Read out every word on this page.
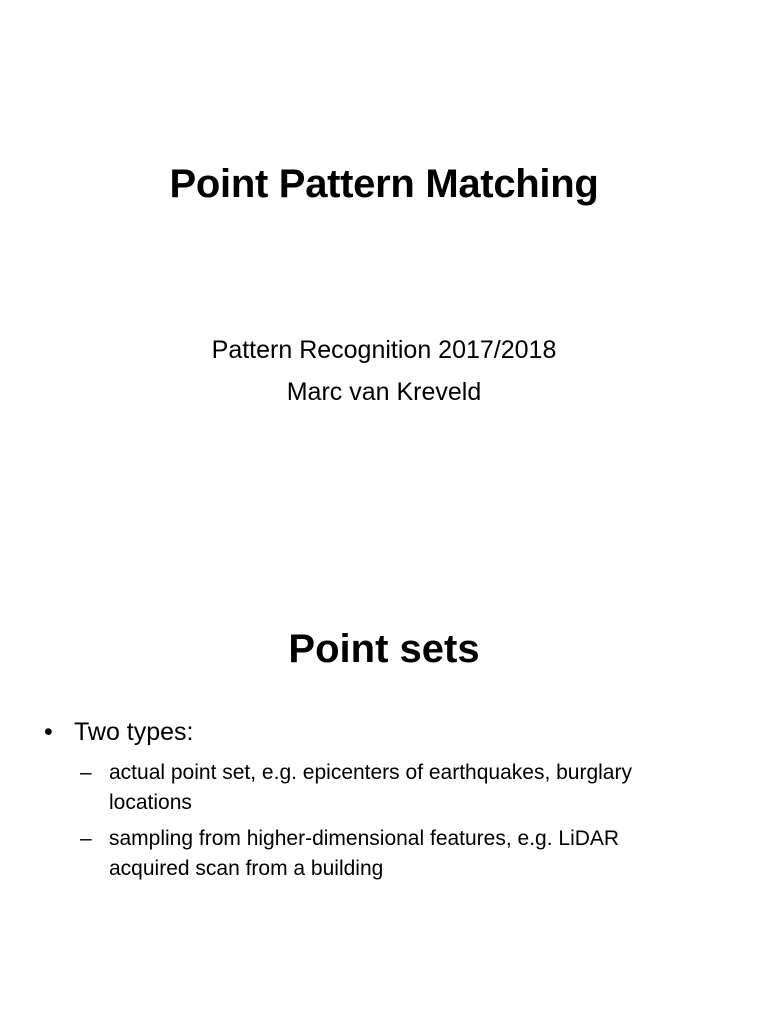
Point Pattern Matching
Pattern Recognition 2017/2018
Marc van Kreveld
Point sets
• Two types:
– actual point set, e.g. epicenters of earthquakes, burglary
locations
– sampling from higher-dimensional features, e.g. LiDAR
acquired scan from a building
